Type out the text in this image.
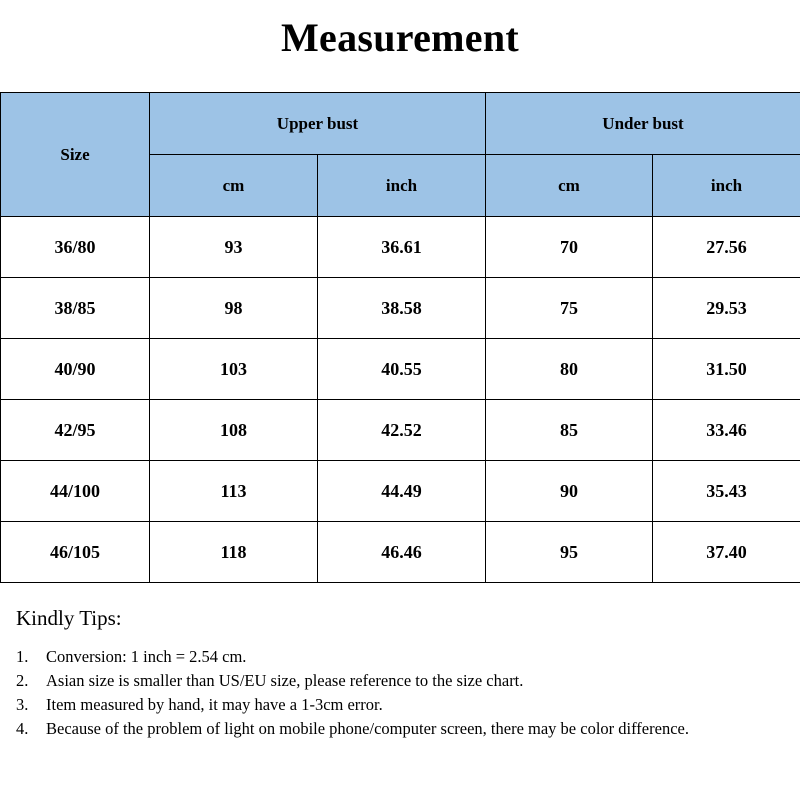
Measurement
Size	Upper bust		Under bust	
	cm	inch	cm	inch
36/80	93	36.61	70	27.56
38/85	98	38.58	75	29.53
40/90	103	40.55	80	31.50
42/95	108	42.52	85	33.46
44/100	113	44.49	90	35.43
46/105	118	46.46	95	37.40
Kindly Tips:
1. Conversion: 1 inch = 2.54 cm.
2. Asian size is smaller than US/EU size, please reference to the size chart.
3. Item measured by hand, it may have a 1-3cm error.
4. Because of the problem of light on mobile phone/computer screen, there may be color difference.
